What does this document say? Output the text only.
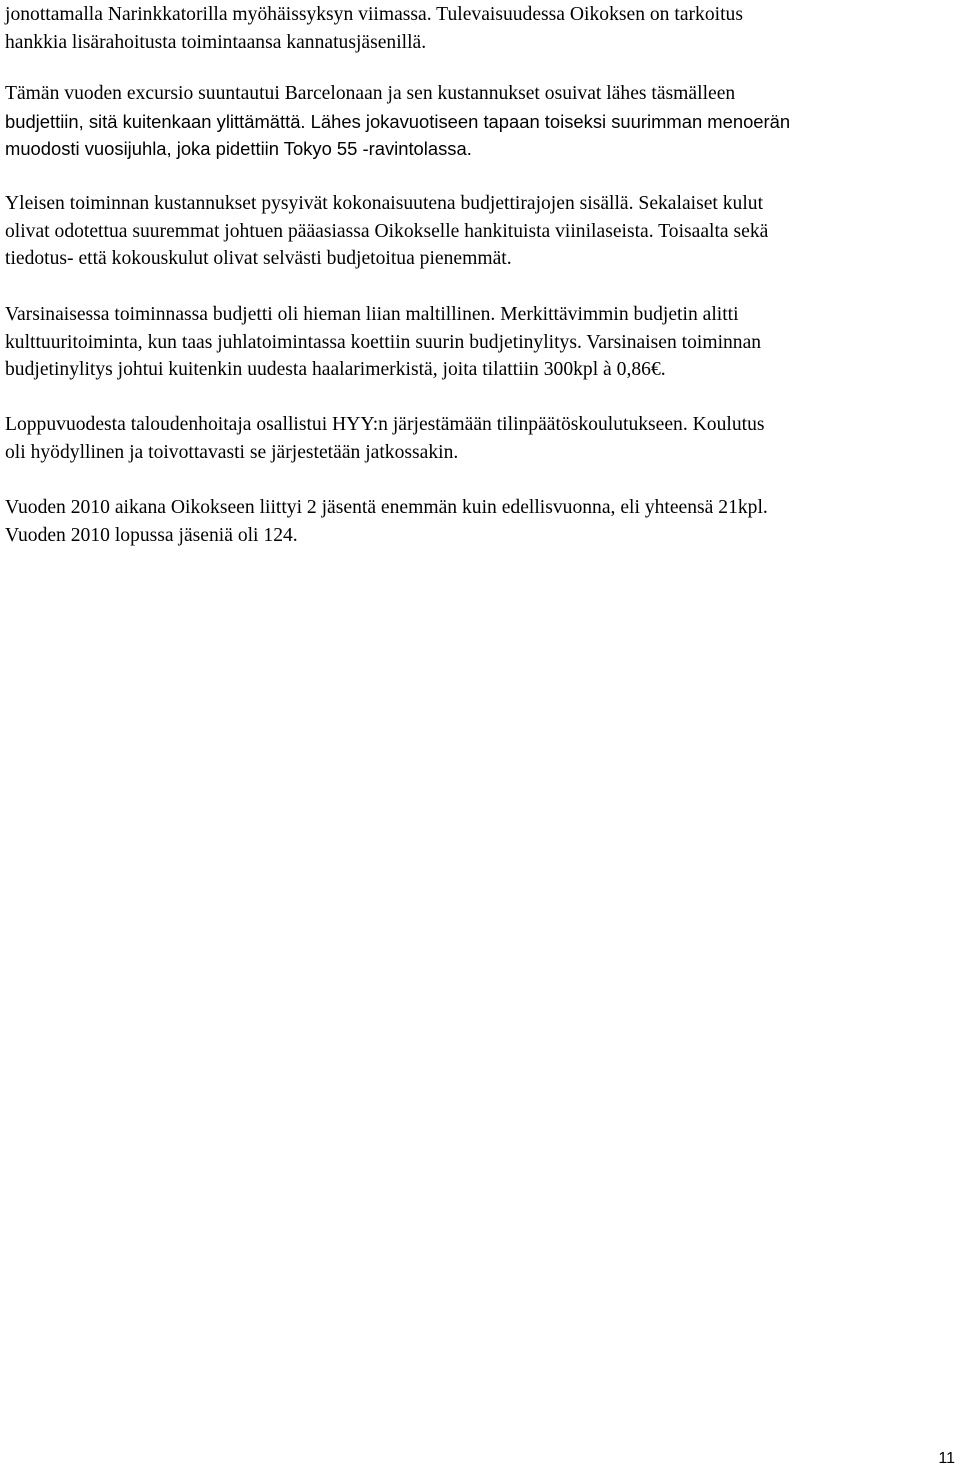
jonottamalla Narinkkatorilla myöhäissyksyn viimassa. Tulevaisuudessa Oikoksen on tarkoitus
hankkia lisärahoitusta toimintaansa kannatusjäsenillä.

Tämän vuoden excursio suuntautui Barcelonaan ja sen kustannukset osuivat lähes täsmälleen
budjettiin, sitä kuitenkaan ylittämättä. Lähes jokavuotiseen tapaan toiseksi suurimman menoerän
muodosti vuosijuhla, joka pidettiin Tokyo 55 -ravintolassa.

Yleisen toiminnan kustannukset pysyivät kokonaisuutena budjettirajojen sisällä. Sekalaiset kulut
olivat odotettua suuremmat johtuen pääasiassa Oikokselle hankituista viinilaseista. Toisaalta sekä
tiedotus- että kokouskulut olivat selvästi budjetoitua pienemmät.

Varsinaisessa toiminnassa budjetti oli hieman liian maltillinen. Merkittävimmin budjetin alitti
kulttuuritoiminta, kun taas juhlatoimintassa koettiin suurin budjetinylitys. Varsinaisen toiminnan
budjetinylitys johtui kuitenkin uudesta haalarimerkistä, joita tilattiin 300kpl à 0,86€.

Loppuvuodesta taloudenhoitaja osallistui HYY:n järjestämään tilinpäätöskoulutukseen. Koulutus
oli hyödyllinen ja toivottavasti se järjestetään jatkossakin.

Vuoden 2010 aikana Oikokseen liittyi 2 jäsentä enemmän kuin edellisvuonna, eli yhteensä 21kpl.
Vuoden 2010 lopussa jäseniä oli 124.

11
